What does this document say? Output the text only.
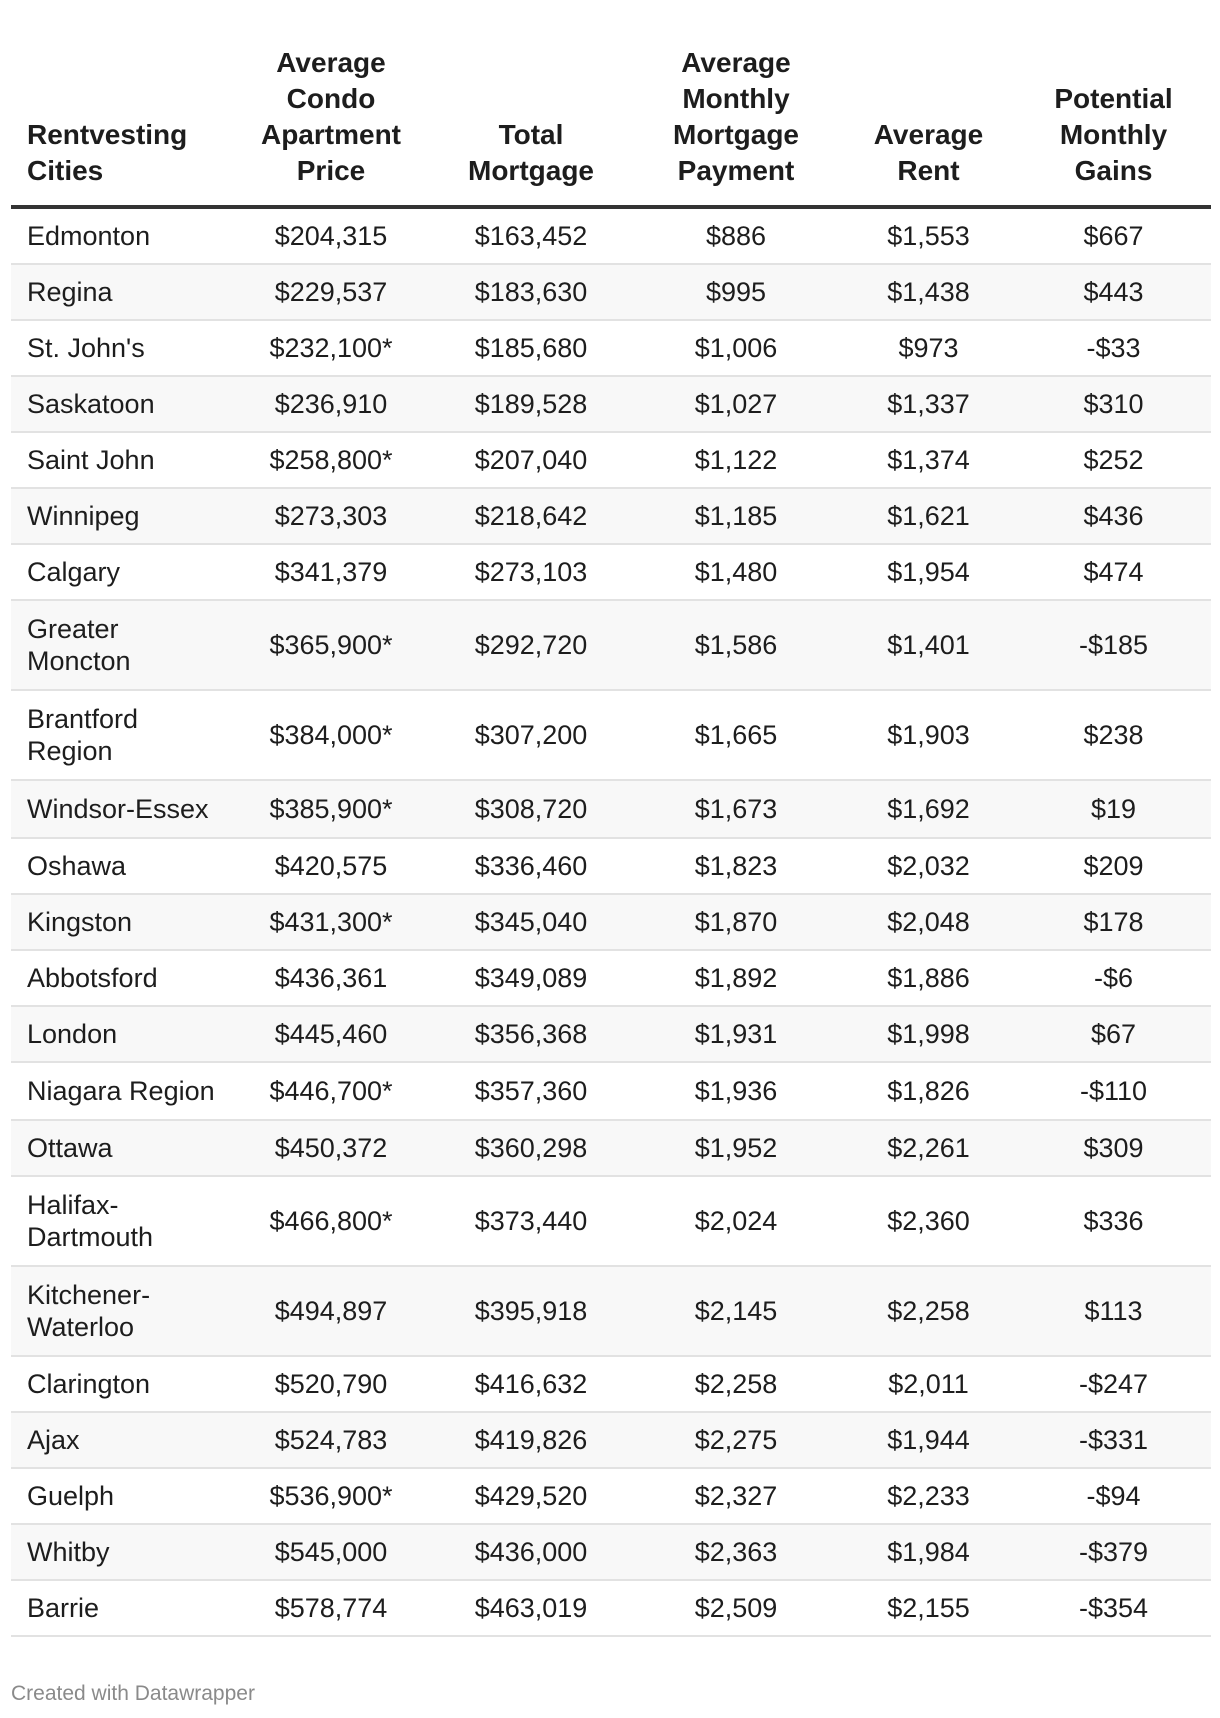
Rentvesting Cities	Average Condo Apartment Price	Total Mortgage	Average Monthly Mortgage Payment	Average Rent	Potential Monthly Gains
Edmonton	$204,315	$163,452	$886	$1,553	$667
Regina	$229,537	$183,630	$995	$1,438	$443
St. John's	$232,100*	$185,680	$1,006	$973	-$33
Saskatoon	$236,910	$189,528	$1,027	$1,337	$310
Saint John	$258,800*	$207,040	$1,122	$1,374	$252
Winnipeg	$273,303	$218,642	$1,185	$1,621	$436
Calgary	$341,379	$273,103	$1,480	$1,954	$474
Greater Moncton	$365,900*	$292,720	$1,586	$1,401	-$185
Brantford Region	$384,000*	$307,200	$1,665	$1,903	$238
Windsor-Essex	$385,900*	$308,720	$1,673	$1,692	$19
Oshawa	$420,575	$336,460	$1,823	$2,032	$209
Kingston	$431,300*	$345,040	$1,870	$2,048	$178
Abbotsford	$436,361	$349,089	$1,892	$1,886	-$6
London	$445,460	$356,368	$1,931	$1,998	$67
Niagara Region	$446,700*	$357,360	$1,936	$1,826	-$110
Ottawa	$450,372	$360,298	$1,952	$2,261	$309
Halifax-Dartmouth	$466,800*	$373,440	$2,024	$2,360	$336
Kitchener-Waterloo	$494,897	$395,918	$2,145	$2,258	$113
Clarington	$520,790	$416,632	$2,258	$2,011	-$247
Ajax	$524,783	$419,826	$2,275	$1,944	-$331
Guelph	$536,900*	$429,520	$2,327	$2,233	-$94
Whitby	$545,000	$436,000	$2,363	$1,984	-$379
Barrie	$578,774	$463,019	$2,509	$2,155	-$354
Created with Datawrapper
